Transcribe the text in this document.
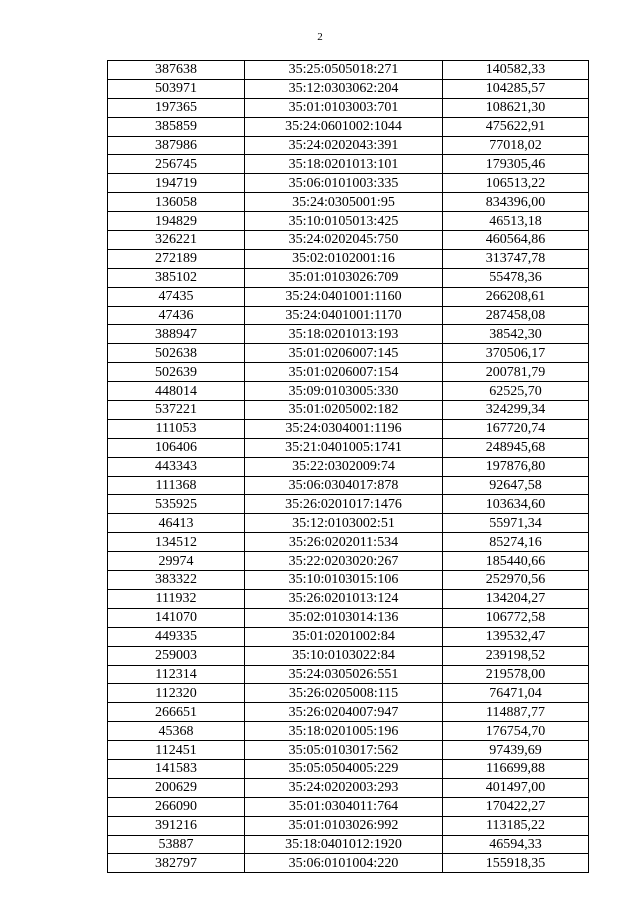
2
387638	35:25:0505018:271	140582,33
503971	35:12:0303062:204	104285,57
197365	35:01:0103003:701	108621,30
385859	35:24:0601002:1044	475622,91
387986	35:24:0202043:391	77018,02
256745	35:18:0201013:101	179305,46
194719	35:06:0101003:335	106513,22
136058	35:24:0305001:95	834396,00
194829	35:10:0105013:425	46513,18
326221	35:24:0202045:750	460564,86
272189	35:02:0102001:16	313747,78
385102	35:01:0103026:709	55478,36
47435	35:24:0401001:1160	266208,61
47436	35:24:0401001:1170	287458,08
388947	35:18:0201013:193	38542,30
502638	35:01:0206007:145	370506,17
502639	35:01:0206007:154	200781,79
448014	35:09:0103005:330	62525,70
537221	35:01:0205002:182	324299,34
111053	35:24:0304001:1196	167720,74
106406	35:21:0401005:1741	248945,68
443343	35:22:0302009:74	197876,80
111368	35:06:0304017:878	92647,58
535925	35:26:0201017:1476	103634,60
46413	35:12:0103002:51	55971,34
134512	35:26:0202011:534	85274,16
29974	35:22:0203020:267	185440,66
383322	35:10:0103015:106	252970,56
111932	35:26:0201013:124	134204,27
141070	35:02:0103014:136	106772,58
449335	35:01:0201002:84	139532,47
259003	35:10:0103022:84	239198,52
112314	35:24:0305026:551	219578,00
112320	35:26:0205008:115	76471,04
266651	35:26:0204007:947	114887,77
45368	35:18:0201005:196	176754,70
112451	35:05:0103017:562	97439,69
141583	35:05:0504005:229	116699,88
200629	35:24:0202003:293	401497,00
266090	35:01:0304011:764	170422,27
391216	35:01:0103026:992	113185,22
53887	35:18:0401012:1920	46594,33
382797	35:06:0101004:220	155918,35
